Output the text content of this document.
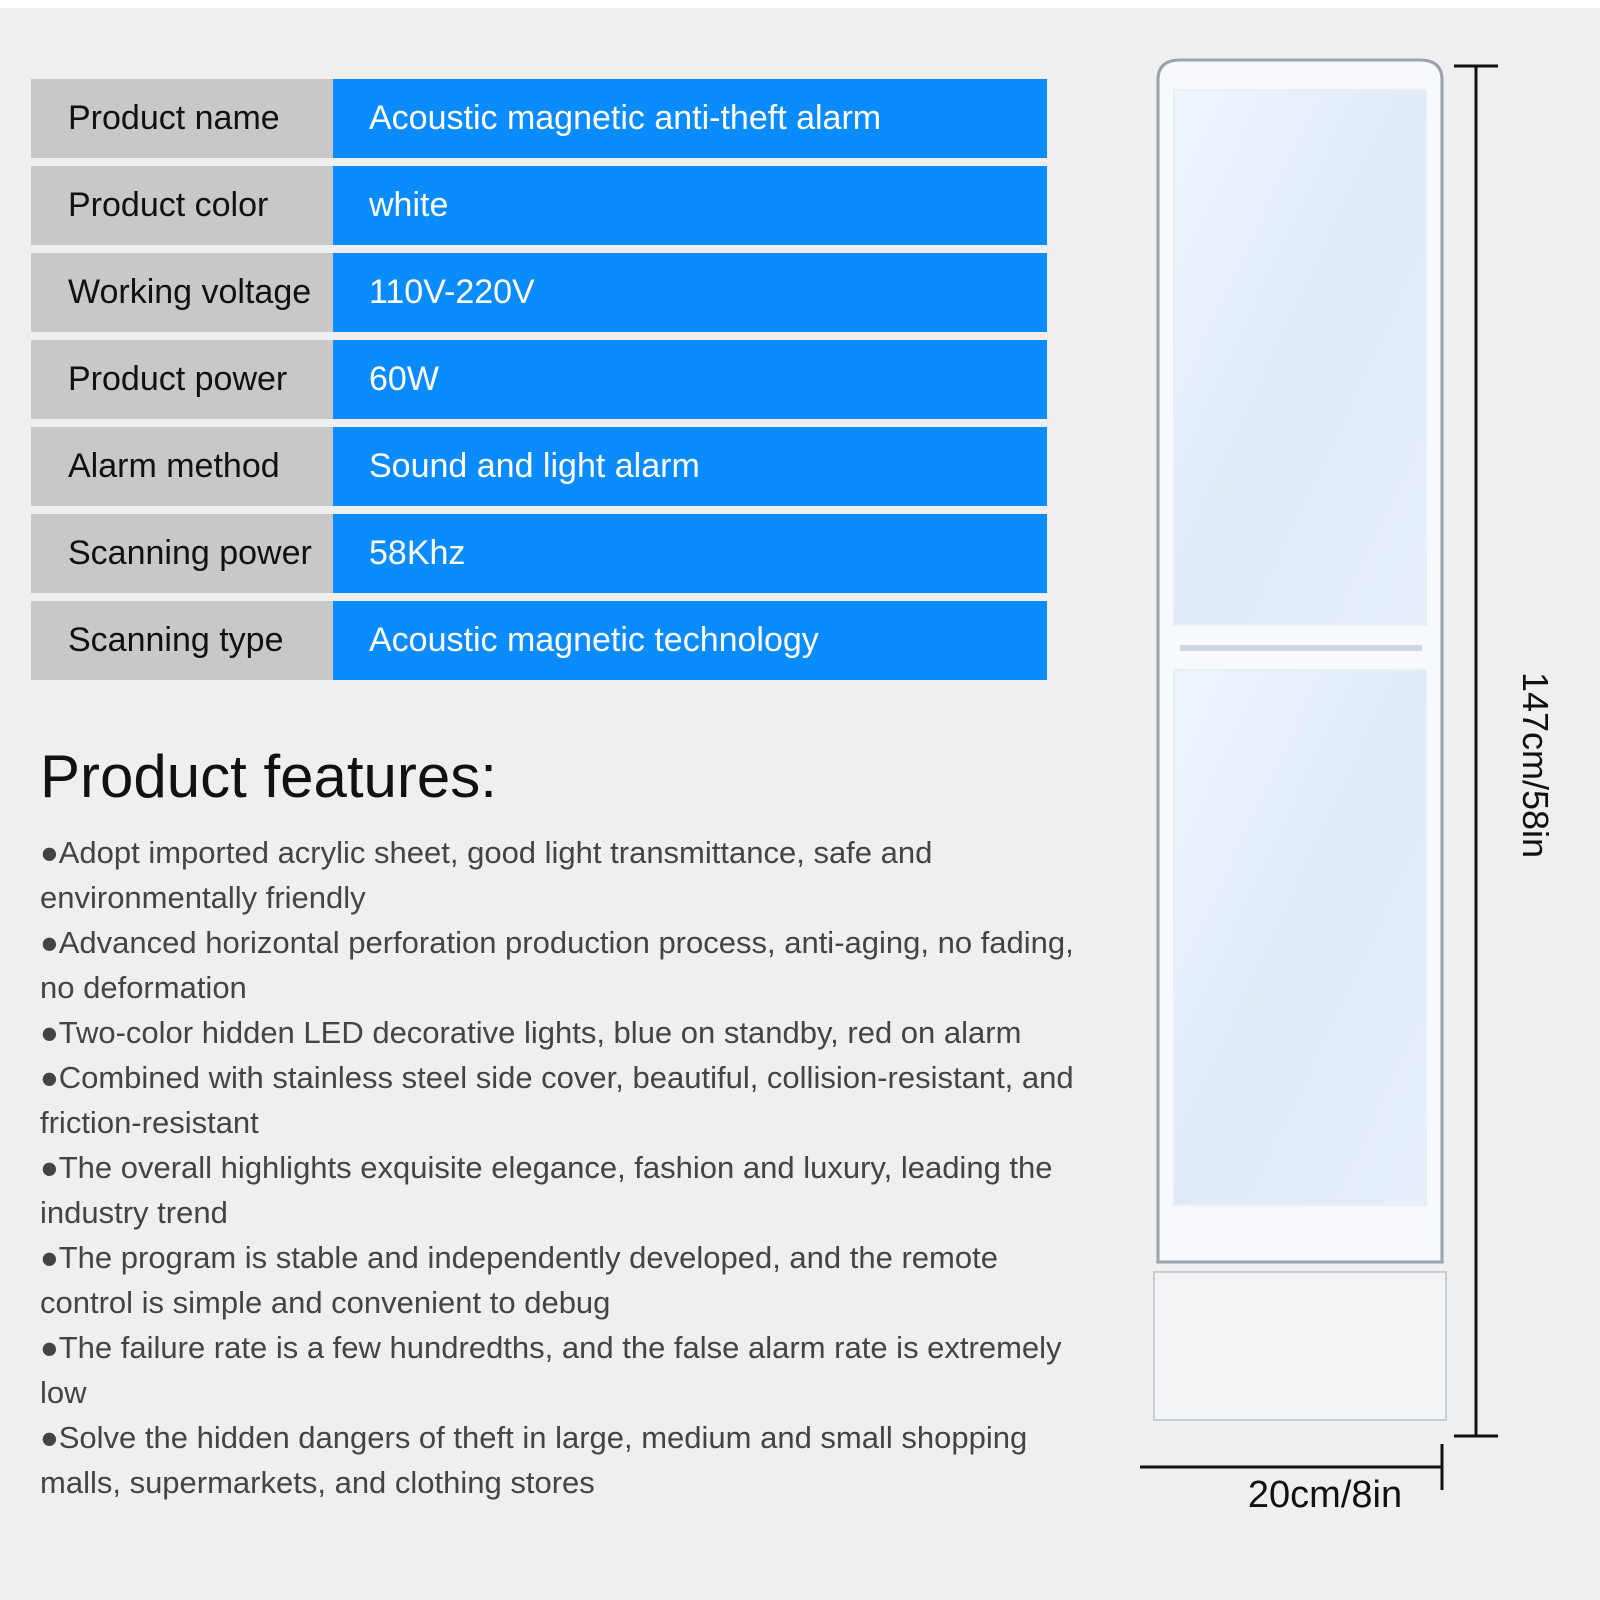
Product name	Acoustic magnetic anti-theft alarm
Product color	white
Working voltage	110V-220V
Product power	60W
Alarm method	Sound and light alarm
Scanning power	58Khz
Scanning type	Acoustic magnetic technology
Product features:
●Adopt imported acrylic sheet, good light transmittance, safe and environmentally friendly
●Advanced horizontal perforation production process, anti-aging, no fading, no deformation
●Two-color hidden LED decorative lights, blue on standby, red on alarm
●Combined with stainless steel side cover, beautiful, collision-resistant, and friction-resistant
●The overall highlights exquisite elegance, fashion and luxury, leading the industry trend
●The program is stable and independently developed, and the remote control is simple and convenient to debug
●The failure rate is a few hundredths, and the false alarm rate is extremely low
●Solve the hidden dangers of theft in large, medium and small shopping malls, supermarkets, and clothing stores
147cm/58in
20cm/8in
